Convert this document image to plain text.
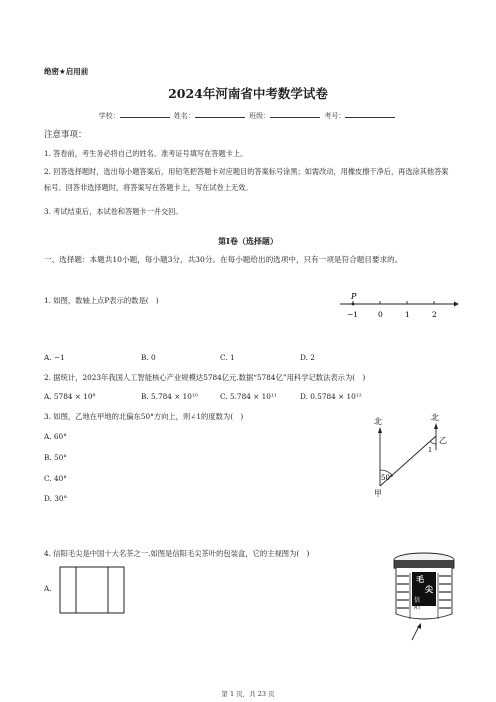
绝密★启用前
2024年河南省中考数学试卷
学校：	姓名：	班级：	考号：
注意事项：
1. 答卷前，考生务必将自己的姓名、准考证号填写在答题卡上。
2. 回答选择题时，选出每小题答案后，用铅笔把答题卡对应题目的答案标号涂黑；如需改动，用橡皮擦干净后，再选涂其他答案标号。回答非选择题时，将答案写在答题卡上，写在试卷上无效。
3. 考试结束后，本试卷和答题卡一并交回。
第I卷（选择题）
一、选择题：本题共10小题，每小题3分，共30分。在每小题给出的选项中，只有一项是符合题目要求的。
1. 如图，数轴上点P表示的数是(　)	P
−1	0	1	2
A. −1	B. 0	C. 1	D. 2
2. 据统计，2023年我国人工智能核心产业规模达5784亿元.数据“5784亿”用科学记数法表示为(　)
A. 5784 × 10⁸	B. 5.784 × 10¹⁰	C. 5.784 × 10¹¹	D. 0.5784 × 10¹²
3. 如图，乙地在甲地的北偏东50°方向上，则∠1的度数为(　)
A. 60°
B. 50°
C. 40°
D. 30°
北	北
50°
1
甲
乙
4. 信阳毛尖是中国十大名茶之一.如图是信阳毛尖茶叶的包装盒，它的主视图为(　)
A.
毛
尖
信
阳
第 1 页，共 23 页
